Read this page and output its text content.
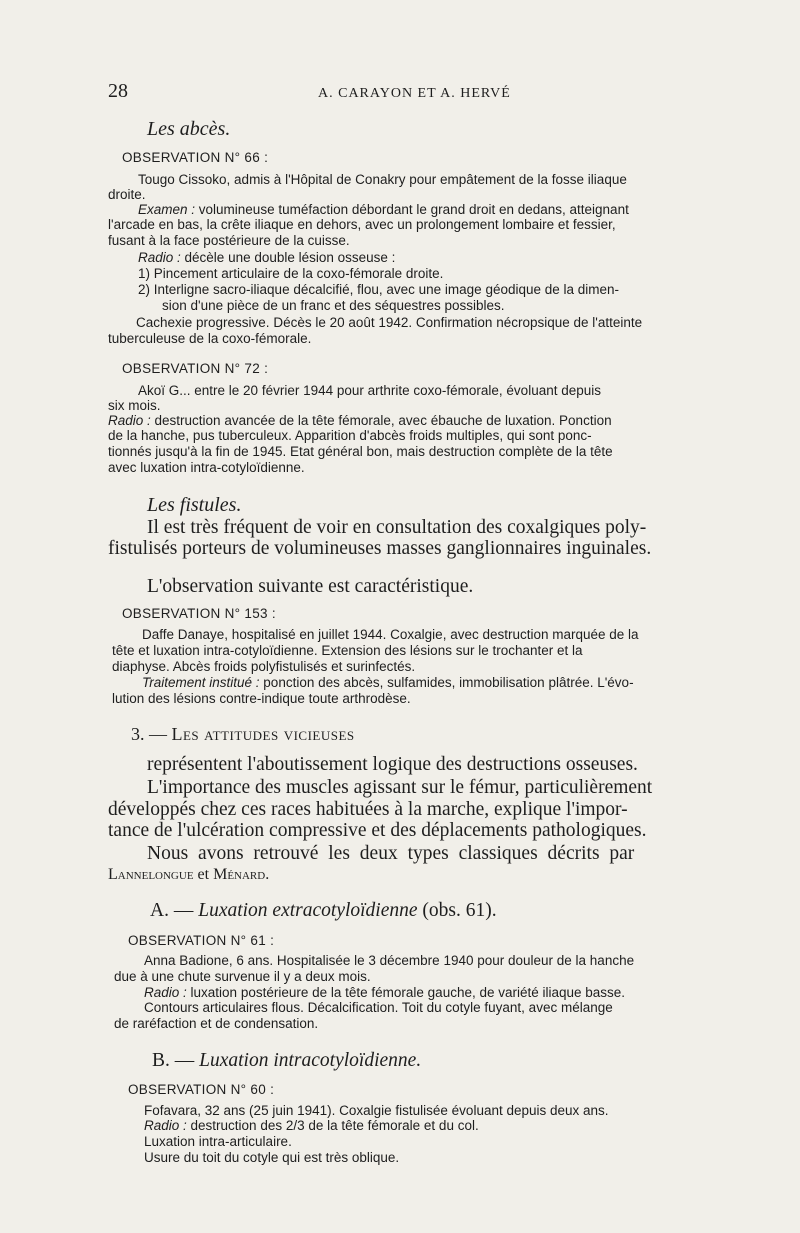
28	A. CARAYON ET A. HERVÉ
Les abcès.
OBSERVATION N° 66 :
Tougo Cissoko, admis à l'Hôpital de Conakry pour empâtement de la fosse iliaque
droite.
Examen : volumineuse tuméfaction débordant le grand droit en dedans, atteignant
l'arcade en bas, la crête iliaque en dehors, avec un prolongement lombaire et fessier,
fusant à la face postérieure de la cuisse.
Radio : décèle une double lésion osseuse :
1) Pincement articulaire de la coxo-fémorale droite.
2) Interligne sacro-iliaque décalcifié, flou, avec une image géodique de la dimen-
sion d'une pièce de un franc et des séquestres possibles.
Cachexie progressive. Décès le 20 août 1942. Confirmation nécropsique de l'atteinte
tuberculeuse de la coxo-fémorale.
OBSERVATION N° 72 :
Akoï G... entre le 20 février 1944 pour arthrite coxo-fémorale, évoluant depuis
six mois.
Radio : destruction avancée de la tête fémorale, avec ébauche de luxation. Ponction
de la hanche, pus tuberculeux. Apparition d'abcès froids multiples, qui sont ponc-
tionnés jusqu'à la fin de 1945. Etat général bon, mais destruction complète de la tête
avec luxation intra-cotyloïdienne.
Les fistules.
Il est très fréquent de voir en consultation des coxalgiques poly-
fistulisés porteurs de volumineuses masses ganglionnaires inguinales.
L'observation suivante est caractéristique.
OBSERVATION N° 153 :
Daffe Danaye, hospitalisé en juillet 1944. Coxalgie, avec destruction marquée de la
tête et luxation intra-cotyloïdienne. Extension des lésions sur le trochanter et la
diaphyse. Abcès froids polyfistulisés et surinfectés.
Traitement institué : ponction des abcès, sulfamides, immobilisation plâtrée. L'évo-
lution des lésions contre-indique toute arthrodèse.
3. — Les attitudes vicieuses
représentent l'aboutissement logique des destructions osseuses.
L'importance des muscles agissant sur le fémur, particulièrement
développés chez ces races habituées à la marche, explique l'impor-
tance de l'ulcération compressive et des déplacements pathologiques.
Nous avons retrouvé les deux types classiques décrits par
Lannelongue et Ménard.
A. — Luxation extracotyloïdienne (obs. 61).
OBSERVATION N° 61 :
Anna Badione, 6 ans. Hospitalisée le 3 décembre 1940 pour douleur de la hanche
due à une chute survenue il y a deux mois.
Radio : luxation postérieure de la tête fémorale gauche, de variété iliaque basse.
Contours articulaires flous. Décalcification. Toit du cotyle fuyant, avec mélange
de raréfaction et de condensation.
B. — Luxation intracotyloïdienne.
OBSERVATION N° 60 :
Fofavara, 32 ans (25 juin 1941). Coxalgie fistulisée évoluant depuis deux ans.
Radio : destruction des 2/3 de la tête fémorale et du col.
Luxation intra-articulaire.
Usure du toit du cotyle qui est très oblique.
